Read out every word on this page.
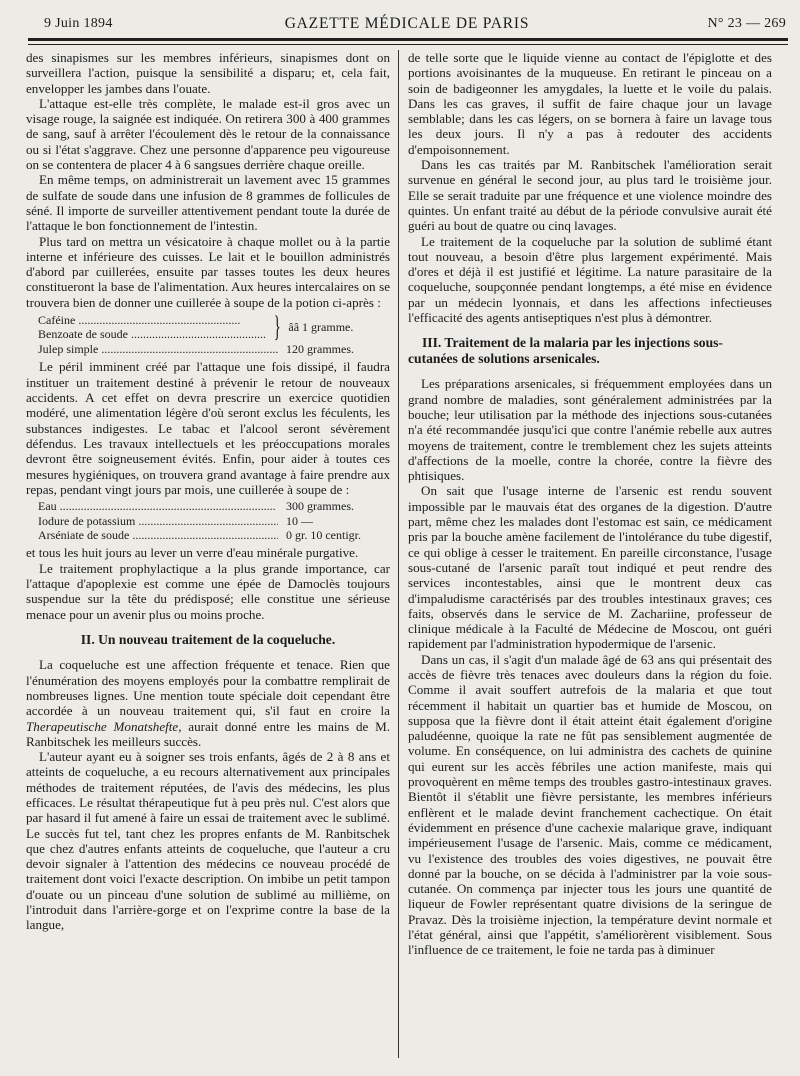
9 Juin 1894	GAZETTE MÉDICALE DE PARIS	N° 23 — 269

des sinapismes sur les membres inférieurs, sinapismes dont on surveillera l'action, puisque la sensibilité a disparu; et, cela fait, envelopper les jambes dans l'ouate.

L'attaque est-elle très complète, le malade est-il gros avec un visage rouge, la saignée est indiquée. On retirera 300 à 400 grammes de sang, sauf à arrêter l'écoulement dès le retour de la connaissance ou si l'état s'aggrave. Chez une personne d'apparence peu vigoureuse on se contentera de placer 4 à 6 sangsues derrière chaque oreille.

En même temps, on administrerait un lavement avec 15 grammes de sulfate de soude dans une infusion de 8 grammes de follicules de séné. Il importe de surveiller attentivement pendant toute la durée de l'attaque le bon fonctionnement de l'intestin.

Plus tard on mettra un vésicatoire à chaque mollet ou à la partie interne et inférieure des cuisses. Le lait et le bouillon administrés d'abord par cuillerées, ensuite par tasses toutes les deux heures constitueront la base de l'alimentation. Aux heures intercalaires on se trouvera bien de donner une cuillerée à soupe de la potion ci-après :

Caféine .....
Benzoate de soude .....	} ââ 1 gramme.
Julep simple .....	120 grammes.

Le péril imminent créé par l'attaque une fois dissipé, il faudra instituer un traitement destiné à prévenir le retour de nouveaux accidents. A cet effet on devra prescrire un exercice quotidien modéré, une alimentation légère d'où seront exclus les féculents, les substances indigestes. Le tabac et l'alcool seront sévèrement défendus. Les travaux intellectuels et les préoccupations morales devront être soigneusement évités. Enfin, pour aider à toutes ces mesures hygiéniques, on trouvera grand avantage à faire prendre aux repas, pendant vingt jours par mois, une cuillerée à soupe de :

Eau .....	300 grammes.
Iodure de potassium .....	10 —
Arséniate de soude .....	0 gr. 10 centigr.

et tous les huit jours au lever un verre d'eau minérale purgative.

Le traitement prophylactique a la plus grande importance, car l'attaque d'apoplexie est comme une épée de Damoclès toujours suspendue sur la tête du prédisposé; elle constitue une sérieuse menace pour un avenir plus ou moins proche.

II. Un nouveau traitement de la coqueluche.

La coqueluche est une affection fréquente et tenace. Rien que l'énumération des moyens employés pour la combattre remplirait de nombreuses lignes. Une mention toute spéciale doit cependant être accordée à un nouveau traitement qui, s'il faut en croire la Therapeutische Monatshefte, aurait donné entre les mains de M. Ranbitschek les meilleurs succès.

L'auteur ayant eu à soigner ses trois enfants, âgés de 2 à 8 ans et atteints de coqueluche, a eu recours alternativement aux principales méthodes de traitement réputées, de l'avis des médecins, les plus efficaces. Le résultat thérapeutique fut à peu près nul. C'est alors que par hasard il fut amené à faire un essai de traitement avec le sublimé. Le succès fut tel, tant chez les propres enfants de M. Ranbitschek que chez d'autres enfants atteints de coqueluche, que l'auteur a cru devoir signaler à l'attention des médecins ce nouveau procédé de traitement dont voici l'exacte description. On imbibe un petit tampon d'ouate ou un pinceau d'une solution de sublimé au millième, on l'introduit dans l'arrière-gorge et on l'exprime contre la base de la langue,

de telle sorte que le liquide vienne au contact de l'épiglotte et des portions avoisinantes de la muqueuse. En retirant le pinceau on a soin de badigeonner les amygdales, la luette et le voile du palais. Dans les cas graves, il suffit de faire chaque jour un lavage semblable; dans les cas légers, on se bornera à faire un lavage tous les deux jours. Il n'y a pas à redouter des accidents d'empoisonnement.

Dans les cas traités par M. Ranbitschek l'amélioration serait survenue en général le second jour, au plus tard le troisième jour. Elle se serait traduite par une fréquence et une violence moindre des quintes. Un enfant traité au début de la période convulsive aurait été guéri au bout de quatre ou cinq lavages.

Le traitement de la coqueluche par la solution de sublimé étant tout nouveau, a besoin d'être plus largement expérimenté. Mais d'ores et déjà il est justifié et légitime. La nature parasitaire de la coqueluche, soupçonnée pendant longtemps, a été mise en évidence par un médecin lyonnais, et dans les affections infectieuses l'efficacité des agents antiseptiques n'est plus à démontrer.

III. Traitement de la malaria par les injections sous-cutanées de solutions arsenicales.

Les préparations arsenicales, si fréquemment employées dans un grand nombre de maladies, sont généralement administrées par la bouche; leur utilisation par la méthode des injections sous-cutanées n'a été recommandée jusqu'ici que contre l'anémie rebelle aux autres moyens de traitement, contre le tremblement chez les sujets atteints d'affections de la moelle, contre la chorée, contre la fièvre des phtisiques.

On sait que l'usage interne de l'arsenic est rendu souvent impossible par le mauvais état des organes de la digestion. D'autre part, même chez les malades dont l'estomac est sain, ce médicament pris par la bouche amène facilement de l'intolérance du tube digestif, ce qui oblige à cesser le traitement. En pareille circonstance, l'usage sous-cutané de l'arsenic paraît tout indiqué et peut rendre des services incontestables, ainsi que le montrent deux cas d'impaludisme caractérisés par des troubles intestinaux graves; ces faits, observés dans le service de M. Zachariine, professeur de clinique médicale à la Faculté de Médecine de Moscou, ont guéri rapidement par l'administration hypodermique de l'arsenic.

Dans un cas, il s'agit d'un malade âgé de 63 ans qui présentait des accès de fièvre très tenaces avec douleurs dans la région du foie. Comme il avait souffert autrefois de la malaria et que tout récemment il habitait un quartier bas et humide de Moscou, on supposa que la fièvre dont il était atteint était également d'origine paludéenne, quoique la rate ne fût pas sensiblement augmentée de volume. En conséquence, on lui administra des cachets de quinine qui eurent sur les accès fébriles une action manifeste, mais qui provoquèrent en même temps des troubles gastro-intestinaux graves. Bientôt il s'établit une fièvre persistante, les membres inférieurs enflèrent et le malade devint franchement cachectique. On était évidemment en présence d'une cachexie malarique grave, indiquant impérieusement l'usage de l'arsenic. Mais, comme ce médicament, vu l'existence des troubles des voies digestives, ne pouvait être donné par la bouche, on se décida à l'administrer par la voie sous-cutanée. On commença par injecter tous les jours une quantité de liqueur de Fowler représentant quatre divisions de la seringue de Pravaz. Dès la troisième injection, la température devint normale et l'état général, ainsi que l'appétit, s'améliorèrent visiblement. Sous l'influence de ce traitement, le foie ne tarda pas à diminuer
